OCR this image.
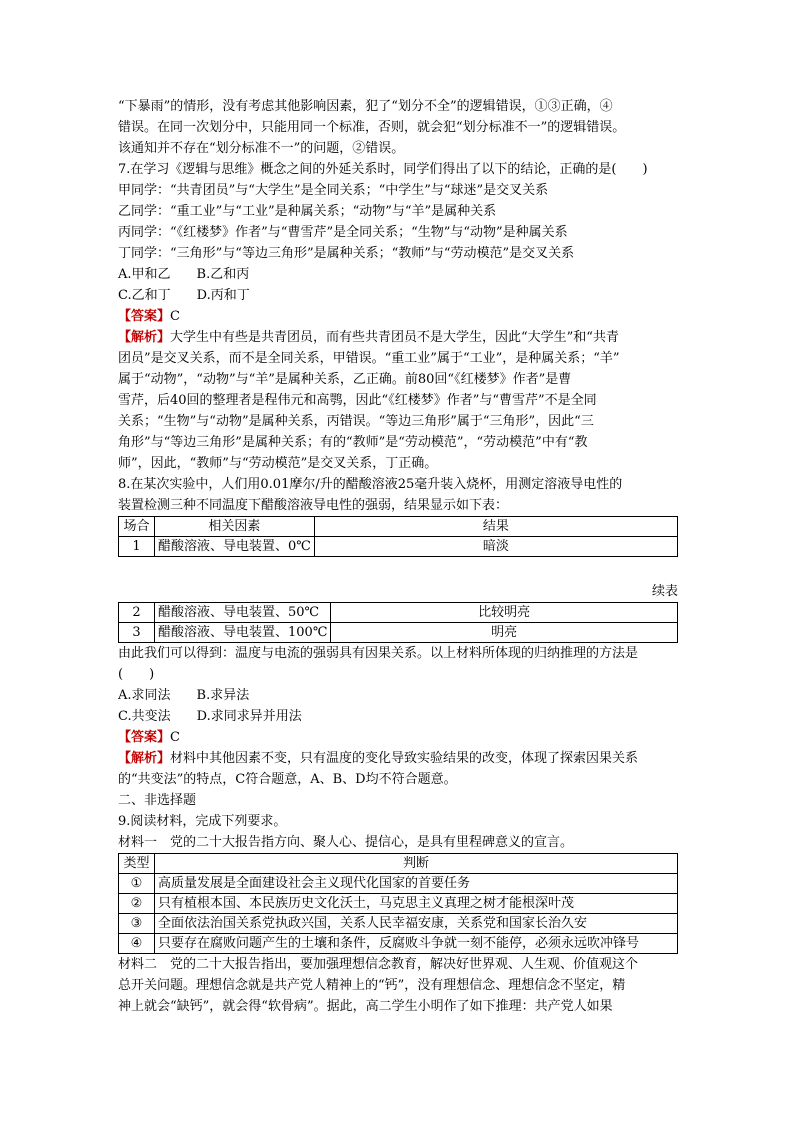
“下暴雨”的情形，没有考虑其他影响因素，犯了“划分不全”的逻辑错误，①③正确，④
错误。在同一次划分中，只能用同一个标准，否则，就会犯“划分标准不一”的逻辑错误。
该通知并不存在“划分标准不一”的问题，②错误。
7.在学习《逻辑与思维》概念之间的外延关系时，同学们得出了以下的结论，正确的是(　　)
甲同学：“共青团员”与“大学生”是全同关系；“中学生”与“球迷”是交叉关系
乙同学：“重工业”与“工业”是种属关系；“动物”与“羊”是属种关系
丙同学：“《红楼梦》作者”与“曹雪芹”是全同关系；“生物”与“动物”是种属关系
丁同学：“三角形”与“等边三角形”是属种关系；“教师”与“劳动模范”是交叉关系
A.甲和乙　　B.乙和丙
C.乙和丁　　D.丙和丁
【答案】C
【解析】大学生中有些是共青团员，而有些共青团员不是大学生，因此“大学生”和“共青
团员”是交叉关系，而不是全同关系，甲错误。“重工业”属于“工业”，是种属关系；“羊”
属于“动物”，“动物”与“羊”是属种关系，乙正确。前80回“《红楼梦》作者”是曹
雪芹，后40回的整理者是程伟元和高鹗，因此“《红楼梦》作者”与“曹雪芹”不是全同
关系；“生物”与“动物”是属种关系，丙错误。“等边三角形”属于“三角形”，因此“三
角形”与“等边三角形”是属种关系；有的“教师”是“劳动模范”，“劳动模范”中有“教
师”，因此，“教师”与“劳动模范”是交叉关系，丁正确。
8.在某次实验中，人们用0.01摩尔/升的醋酸溶液25毫升装入烧杯，用测定溶液导电性的
装置检测三种不同温度下醋酸溶液导电性的强弱，结果显示如下表：
场合	相关因素	结果
1	醋酸溶液、导电装置、0℃	暗淡
续表
2	醋酸溶液、导电装置、50℃	比较明亮
3	醋酸溶液、导电装置、100℃	明亮
由此我们可以得到：温度与电流的强弱具有因果关系。以上材料所体现的归纳推理的方法是
(　　)
A.求同法　　B.求异法
C.共变法　　D.求同求异并用法
【答案】C
【解析】材料中其他因素不变，只有温度的变化导致实验结果的改变，体现了探索因果关系
的“共变法”的特点，C符合题意，A、B、D均不符合题意。
二、非选择题
9.阅读材料，完成下列要求。
材料一　党的二十大报告指方向、聚人心、提信心，是具有里程碑意义的宣言。
类型	判断
①	高质量发展是全面建设社会主义现代化国家的首要任务
②	只有植根本国、本民族历史文化沃土，马克思主义真理之树才能根深叶茂
③	全面依法治国关系党执政兴国，关系人民幸福安康，关系党和国家长治久安
④	只要存在腐败问题产生的土壤和条件，反腐败斗争就一刻不能停，必须永远吹冲锋号
材料二　党的二十大报告指出，要加强理想信念教育，解决好世界观、人生观、价值观这个
总开关问题。理想信念就是共产党人精神上的“钙”，没有理想信念、理想信念不坚定，精
神上就会“缺钙”，就会得“软骨病”。据此，高二学生小明作了如下推理：共产党人如果
